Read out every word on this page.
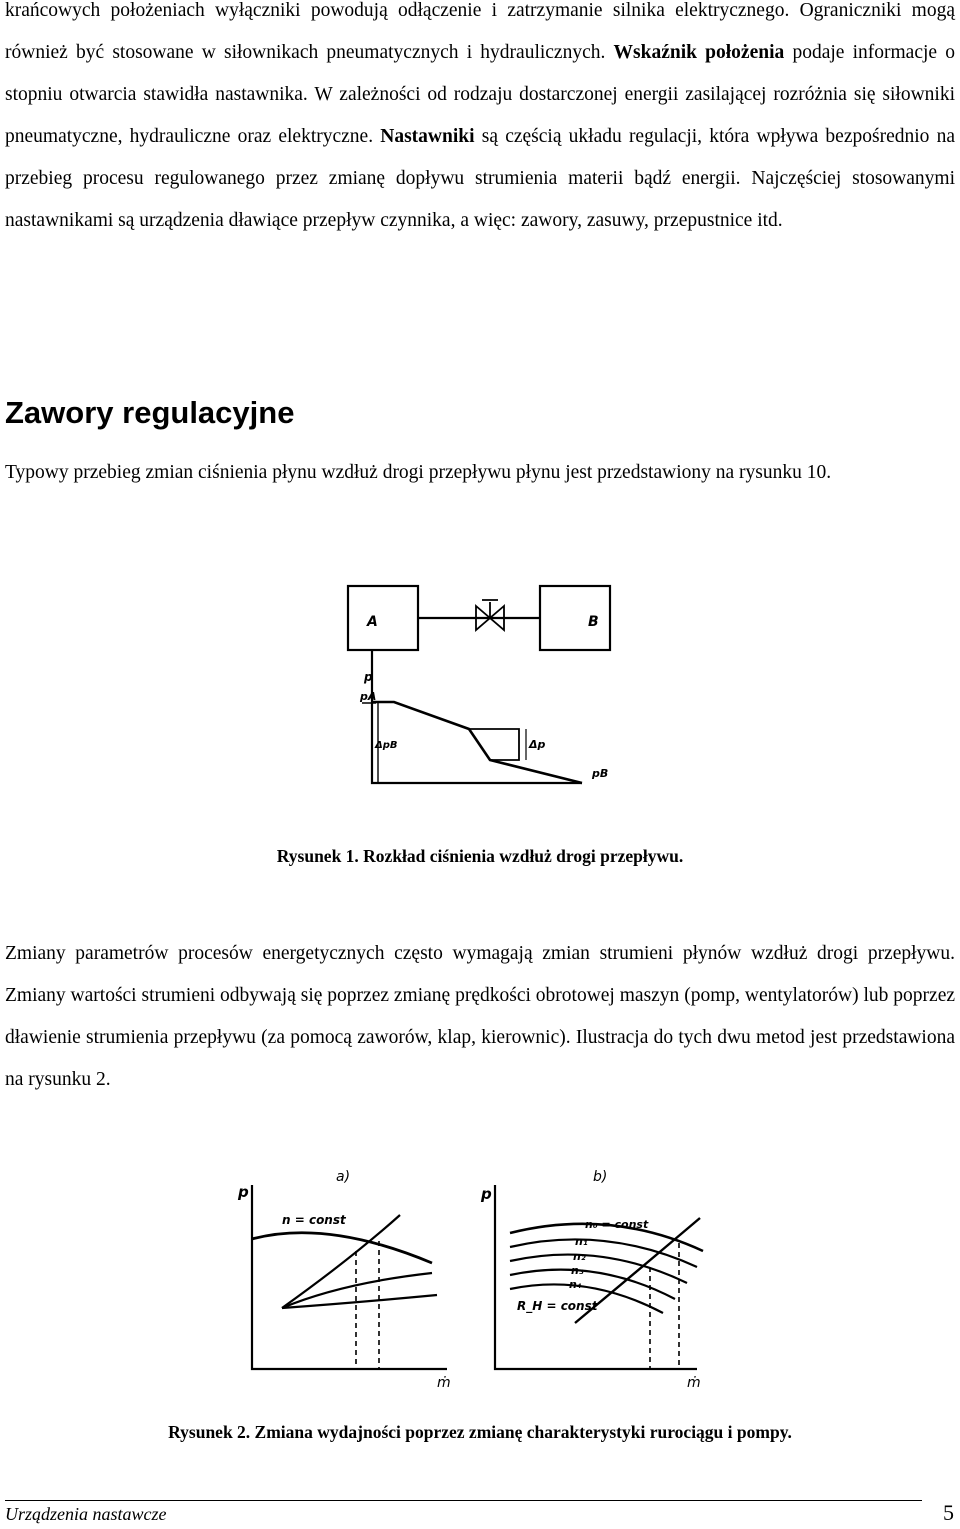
krańcowych położeniach wyłączniki powodują odłączenie i zatrzymanie silnika elektrycznego. Ograniczniki mogą również być stosowane w siłownikach pneumatycznych i hydraulicznych. Wskaźnik położenia podaje informacje o stopniu otwarcia stawidła nastawnika. W zależności od rodzaju dostarczonej energii zasilającej rozróżnia się siłowniki pneumatyczne, hydrauliczne oraz elektryczne. Nastawniki są częścią układu regulacji, która wpływa bezpośrednio na przebieg procesu regulowanego przez zmianę dopływu strumienia materii bądź energii. Najczęściej stosowanymi nastawnikami są urządzenia dławiące przepływ czynnika, a więc: zawory, zasuwy, przepustnice itd.
Zawory regulacyjne
Typowy przebieg zmian ciśnienia płynu wzdłuż drogi przepływu płynu jest przedstawiony na rysunku 10.
A	B
p
pA
ΔpB	Δp
pB
Rysunek 1. Rozkład ciśnienia wzdłuż drogi przepływu.
Zmiany parametrów procesów energetycznych często wymagają zmian strumieni płynów wzdłuż drogi przepływu. Zmiany wartości strumieni odbywają się poprzez zmianę prędkości obrotowej maszyn (pomp, wentylatorów) lub poprzez dławienie strumienia przepływu (za pomocą zaworów, klap, kierownic). Ilustracja do tych dwu metod jest przedstawiona na rysunku 2.
p
a)
n = const
ṁ
p
b)
n₀ = const
n₁
n₂
n₃
n₄
R_H = const
ṁ
Rysunek 2. Zmiana wydajności poprzez zmianę charakterystyki rurociągu i pompy.
Urządzenia nastawcze	5
